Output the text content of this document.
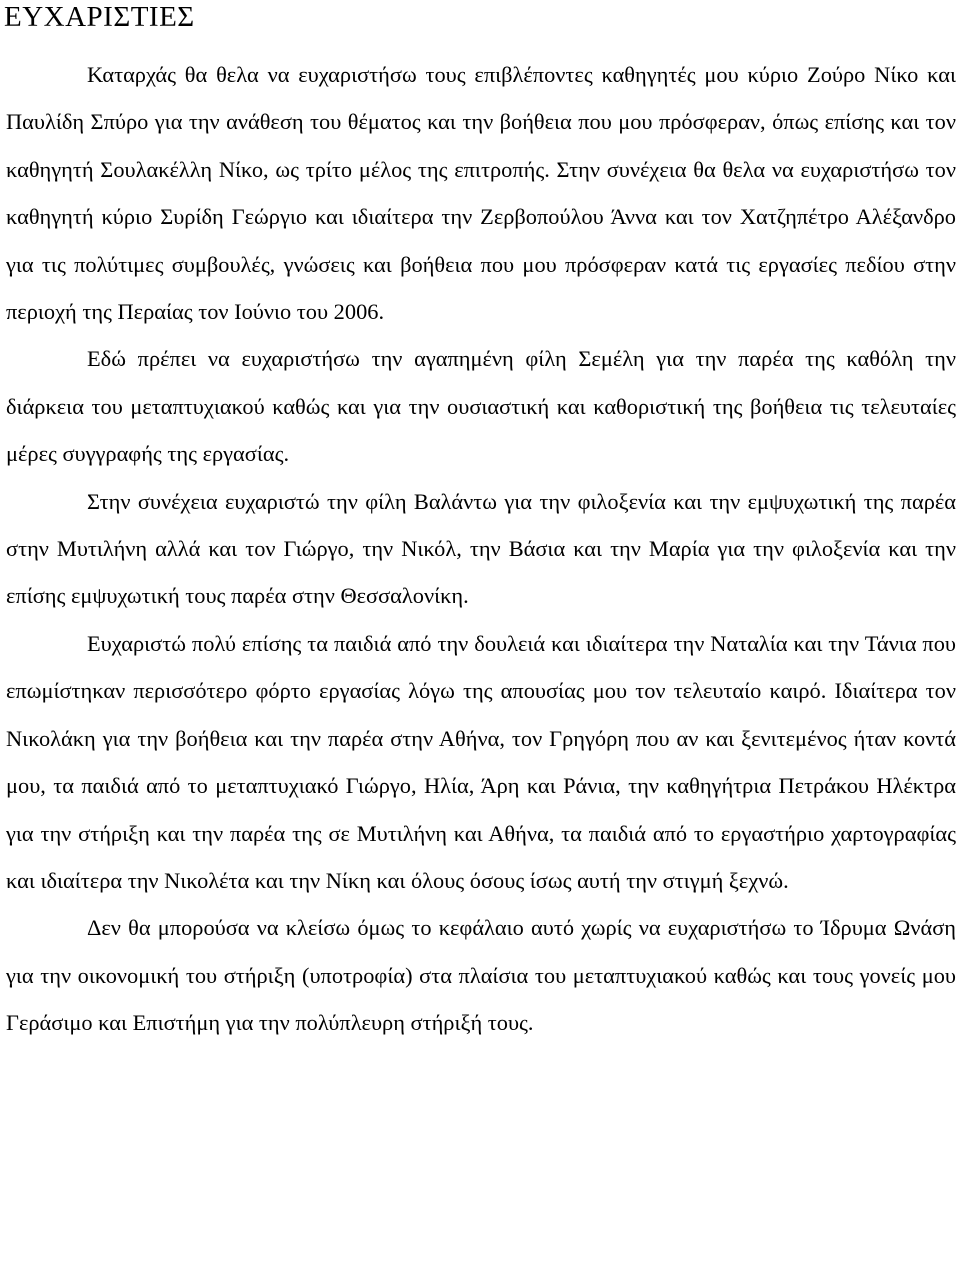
ΕΥΧΑΡΙΣΤΙΕΣ

Καταρχάς θα θελα να ευχαριστήσω τους επιβλέποντες καθηγητές μου κύριο Ζούρο Νίκο και Παυλίδη Σπύρο για την ανάθεση του θέματος και την βοήθεια που μου πρόσφεραν, όπως επίσης και τον καθηγητή Σουλακέλλη Νίκο, ως τρίτο μέλος της επιτροπής. Στην συνέχεια θα θελα να ευχαριστήσω τον καθηγητή κύριο Συρίδη Γεώργιο και ιδιαίτερα την Ζερβοπούλου Άννα και τον Χατζηπέτρο Αλέξανδρο για τις πολύτιμες συμβουλές, γνώσεις και βοήθεια που μου πρόσφεραν κατά τις εργασίες πεδίου στην περιοχή της Περαίας τον Ιούνιο του 2006.

Εδώ πρέπει να ευχαριστήσω την αγαπημένη φίλη Σεμέλη για την παρέα της καθόλη την διάρκεια του μεταπτυχιακού καθώς και για την ουσιαστική και καθοριστική της βοήθεια τις τελευταίες μέρες συγγραφής της εργασίας.

Στην συνέχεια ευχαριστώ την φίλη Βαλάντω για την φιλοξενία και την εμψυχωτική της παρέα στην Μυτιλήνη αλλά και τον Γιώργο, την Νικόλ, την Βάσια και την Μαρία για την φιλοξενία και την επίσης εμψυχωτική τους παρέα στην Θεσσαλονίκη.

Ευχαριστώ πολύ επίσης τα παιδιά από την δουλειά και ιδιαίτερα την Ναταλία και την Τάνια που επωμίστηκαν περισσότερο φόρτο εργασίας λόγω της απουσίας μου τον τελευταίο καιρό. Ιδιαίτερα τον Νικολάκη για την βοήθεια και την παρέα στην Αθήνα, τον Γρηγόρη που αν και ξενιτεμένος ήταν κοντά μου, τα παιδιά από το μεταπτυχιακό Γιώργο, Ηλία, Άρη και Ράνια, την καθηγήτρια Πετράκου Ηλέκτρα για την στήριξη και την παρέα της σε Μυτιλήνη και Αθήνα, τα παιδιά από το εργαστήριο χαρτογραφίας και ιδιαίτερα την Νικολέτα και την Νίκη και όλους όσους ίσως αυτή την στιγμή ξεχνώ.

Δεν θα μπορούσα να κλείσω όμως το κεφάλαιο αυτό χωρίς να ευχαριστήσω το Ίδρυμα Ωνάση για την οικονομική του στήριξη (υποτροφία) στα πλαίσια του μεταπτυχιακού καθώς και τους γονείς μου Γεράσιμο και Επιστήμη για την πολύπλευρη στήριξή τους.
